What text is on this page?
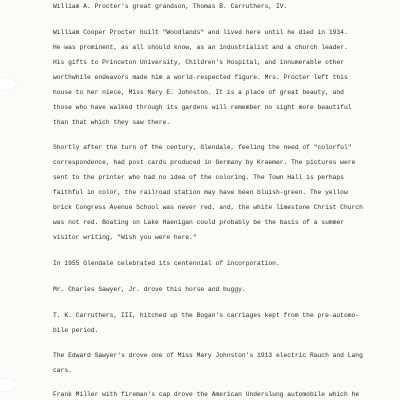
William A. Procter's great grandson, Thomas B. Carruthers, IV.
William Cooper Procter built "Woodlands" and lived here until he died in 1934.
He was prominent, as all should know, as an industrialist and a church leader.
His gifts to Princeton University, Children's Hospital, and innumerable other
worthwhile endeavors made him a world-respected figure. Mrs. Procter left this
house to her niece, Miss Mary E. Johnston. It is a place of great beauty, and
those who have walked through its gardens will remember no sight more beautiful
than that which they saw there.
Shortly after the turn of the century, Glendale, feeling the need of "colorful"
correspondence, had post cards produced in Germany by Kraemer. The pictures were
sent to the printer who had no idea of the coloring. The Town Hall is perhaps
faithful in color, the railroad station may have been bluish-green. The yellow
brick Congress Avenue School was never red, and, the white limestone Christ Church
was not red. Boating on Lake Haenigan could probably be the basis of a summer
visitor writing, "Wish you were here."
In 1955 Glendale celebrated its centennial of incorporation.
Mr. Charles Sawyer, Jr. drove this horse and buggy.
T. K. Carruthers, III, hitched up the Bogan's carriages kept from the pre-automo-
bile period.
The Edward Sawyer's drove one of Miss Mary Johnston's 1913 electric Rauch and Lang
cars.
Frank Miller with fireman's cap drove the American Underslung automobile which he
